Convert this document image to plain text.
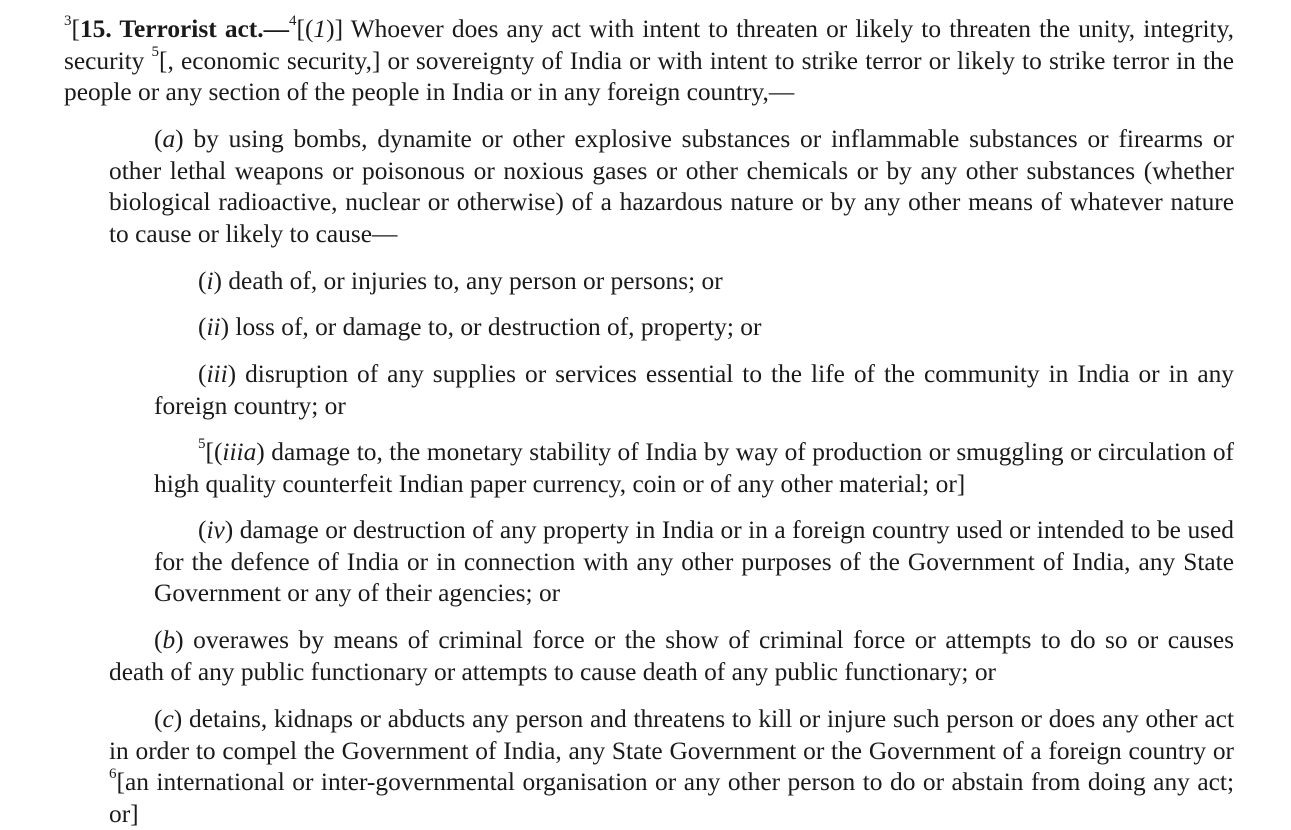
$^3$[15. Terrorist act.—$^4$[(1)] Whoever does any act with intent to threaten or likely to threaten the unity, integrity, security $^5$[, economic security,] or sovereignty of India or with intent to strike terror or likely to strike terror in the people or any section of the people in India or in any foreign country,—

(a) by using bombs, dynamite or other explosive substances or inflammable substances or firearms or other lethal weapons or poisonous or noxious gases or other chemicals or by any other substances (whether biological radioactive, nuclear or otherwise) of a hazardous nature or by any other means of whatever nature to cause or likely to cause—

(i) death of, or injuries to, any person or persons; or

(ii) loss of, or damage to, or destruction of, property; or

(iii) disruption of any supplies or services essential to the life of the community in India or in any foreign country; or

$^5$[(iiia) damage to, the monetary stability of India by way of production or smuggling or circulation of high quality counterfeit Indian paper currency, coin or of any other material; or]

(iv) damage or destruction of any property in India or in a foreign country used or intended to be used for the defence of India or in connection with any other purposes of the Government of India, any State Government or any of their agencies; or

(b) overawes by means of criminal force or the show of criminal force or attempts to do so or causes death of any public functionary or attempts to cause death of any public functionary; or

(c) detains, kidnaps or abducts any person and threatens to kill or injure such person or does any other act in order to compel the Government of India, any State Government or the Government of a foreign country or $^6$[an international or inter-governmental organisation or any other person to do or abstain from doing any act; or]
